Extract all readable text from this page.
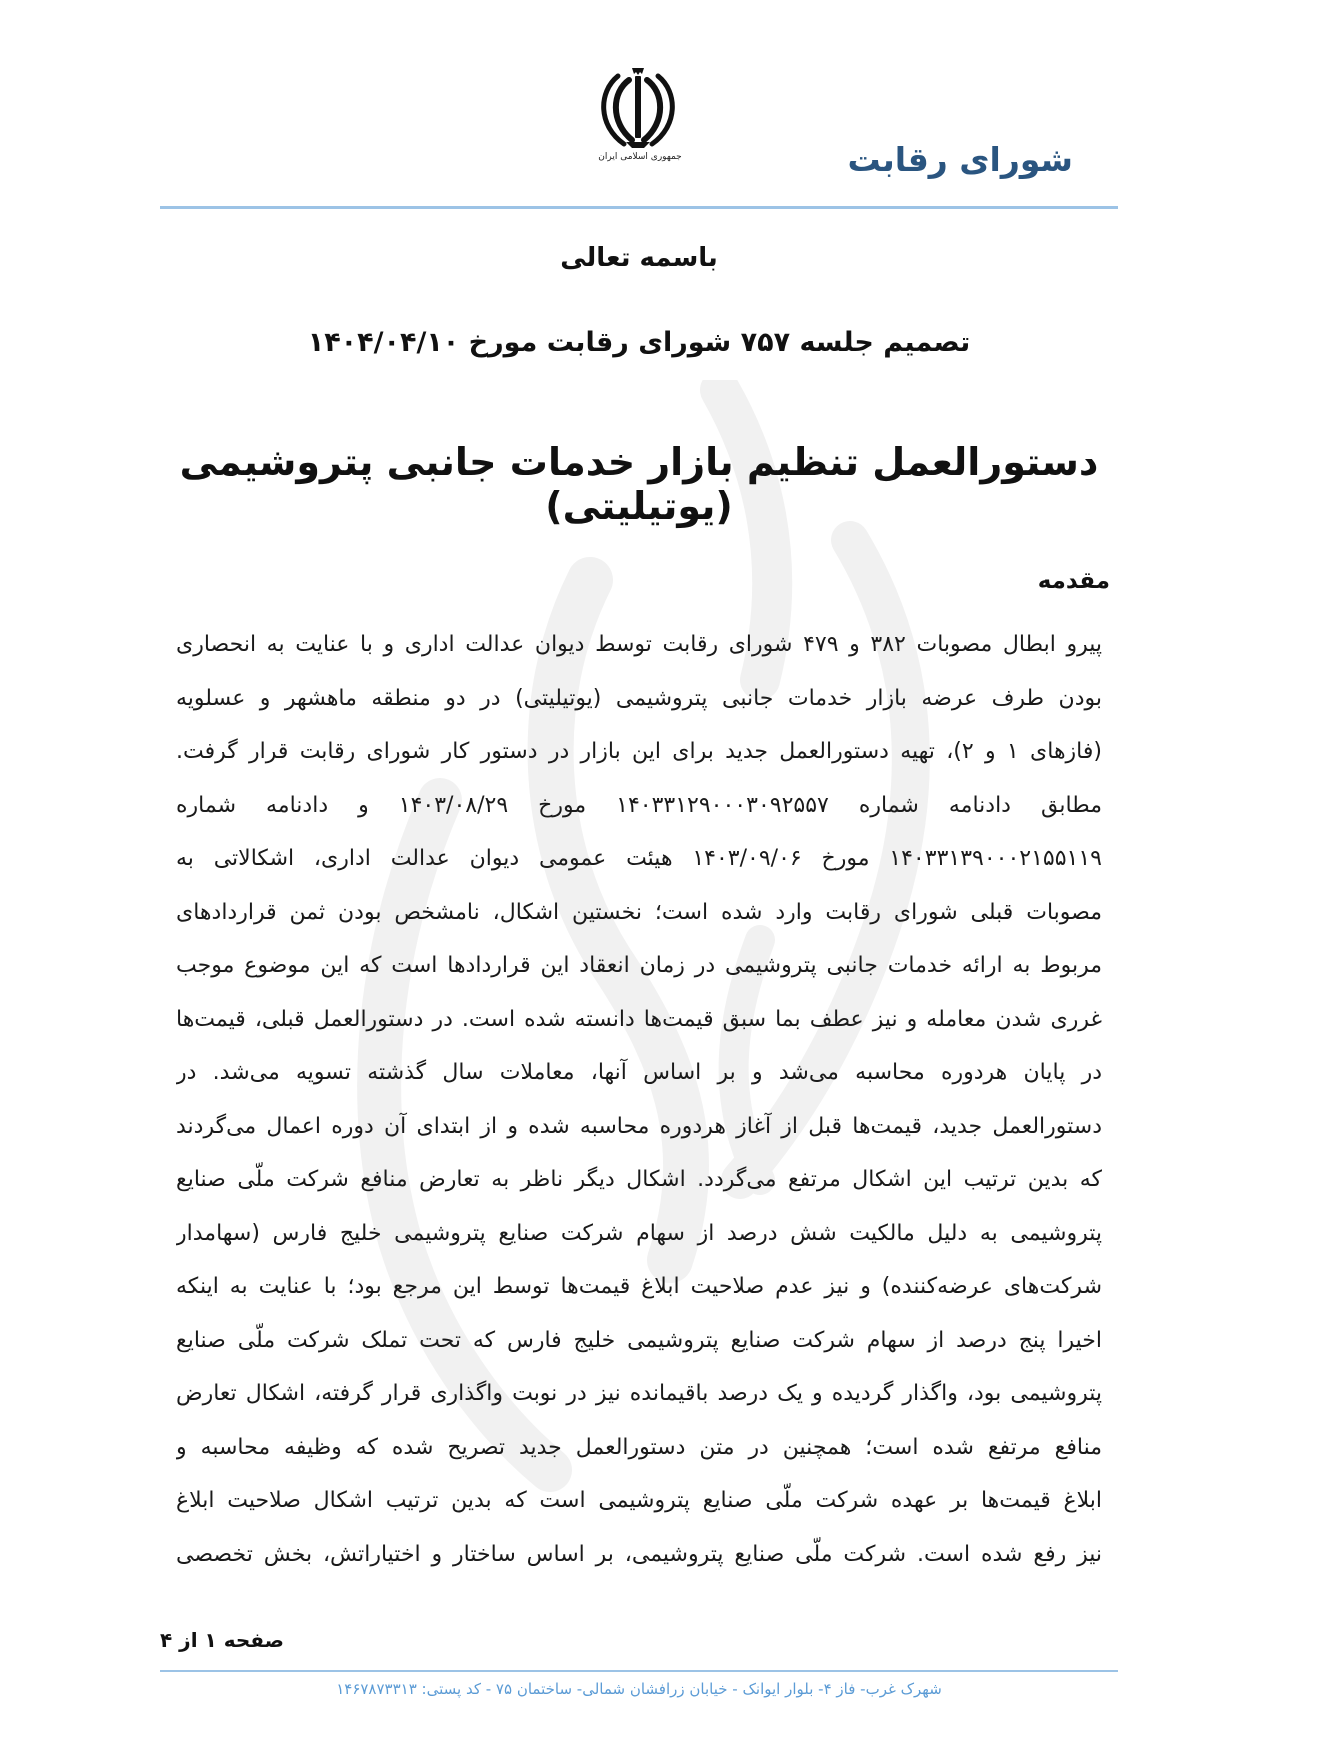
جمهوری اسلامی ایران	شورای رقابت
باسمه تعالی
تصمیم جلسه ۷۵۷ شورای رقابت مورخ ۱۴۰۴/۰۴/۱۰
دستورالعمل تنظیم بازار خدمات جانبی پتروشیمی (یوتیلیتی)
مقدمه
پیرو ابطال مصوبات ۳۸۲ و ۴۷۹ شورای رقابت توسط دیوان عدالت اداری و با عنایت به انحصاری
بودن طرف عرضه بازار خدمات جانبی پتروشیمی (یوتیلیتی) در دو منطقه ماهشهر و عسلویه
(فازهای ۱ و ۲)، تهیه دستورالعمل جدید برای این بازار در دستور کار شورای رقابت قرار گرفت.
مطابق دادنامه شماره ۱۴۰۳۳۱۲۹۰۰۰۳۰۹۲۵۵۷ مورخ ۱۴۰۳/۰۸/۲۹ و دادنامه شماره
۱۴۰۳۳۱۳۹۰۰۰۲۱۵۵۱۱۹ مورخ ۱۴۰۳/۰۹/۰۶ هیئت عمومی دیوان عدالت اداری، اشکالاتی به
مصوبات قبلی شورای رقابت وارد شده است؛ نخستین اشکال، نامشخص بودن ثمن قراردادهای
مربوط به ارائه خدمات جانبی پتروشیمی در زمان انعقاد این قراردادها است که این موضوع موجب
غرری شدن معامله و نیز عطف بما سبق قیمت‌ها دانسته شده است. در دستورالعمل قبلی، قیمت‌ها
در پایان هردوره محاسبه می‌شد و بر اساس آنها، معاملات سال گذشته تسویه می‌شد. در
دستورالعمل جدید، قیمت‌ها قبل از آغاز هردوره محاسبه شده و از ابتدای آن دوره اعمال می‌گردند
که بدین ترتیب این اشکال مرتفع می‌گردد. اشکال دیگر ناظر به تعارض منافع شرکت ملّی صنایع
پتروشیمی به دلیل مالکیت شش درصد از سهام شرکت صنایع پتروشیمی خلیج فارس (سهامدار
شرکت‌های عرضه‌کننده) و نیز عدم صلاحیت ابلاغ قیمت‌ها توسط این مرجع بود؛ با عنایت به اینکه
اخیرا پنج درصد از سهام شرکت صنایع پتروشیمی خلیج فارس که تحت تملک شرکت ملّی صنایع
پتروشیمی بود، واگذار گردیده و یک درصد باقیمانده نیز در نوبت واگذاری قرار گرفته، اشکال تعارض
منافع مرتفع شده است؛ همچنین در متن دستورالعمل جدید تصریح شده که وظیفه محاسبه و
ابلاغ قیمت‌ها بر عهده شرکت ملّی صنایع پتروشیمی است که بدین ترتیب اشکال صلاحیت ابلاغ
نیز رفع شده است. شرکت ملّی صنایع پتروشیمی، بر اساس ساختار و اختیاراتش، بخش تخصصی
صفحه ۱ از ۴
شهرک غرب- فاز ۴- بلوار ایوانک - خیابان زرافشان شمالی- ساختمان ۷۵ - کد پستی: ۱۴۶۷۸۷۳۳۱۳
